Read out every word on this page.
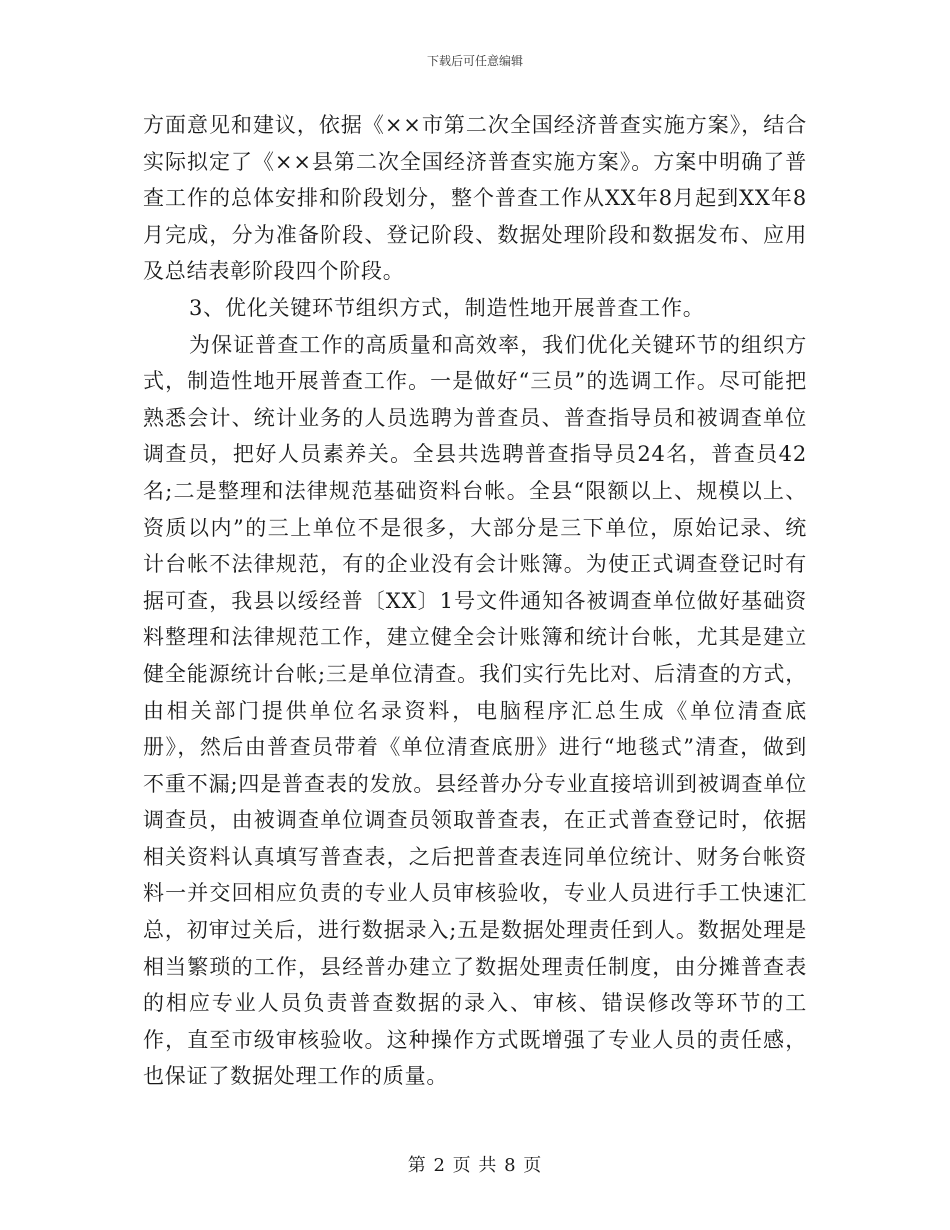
下载后可任意编辑

方面意见和建议，依据《××市第二次全国经济普查实施方案》，结合实际拟定了《××县第二次全国经济普查实施方案》。方案中明确了普查工作的总体安排和阶段划分，整个普查工作从XX年8月起到XX年8月完成，分为准备阶段、登记阶段、数据处理阶段和数据发布、应用及总结表彰阶段四个阶段。

3、优化关键环节组织方式，制造性地开展普查工作。

为保证普查工作的高质量和高效率，我们优化关键环节的组织方式，制造性地开展普查工作。一是做好“三员”的选调工作。尽可能把熟悉会计、统计业务的人员选聘为普查员、普查指导员和被调查单位调查员，把好人员素养关。全县共选聘普查指导员24名，普查员42名;二是整理和法律规范基础资料台帐。全县“限额以上、规模以上、资质以内”的三上单位不是很多，大部分是三下单位，原始记录、统计台帐不法律规范，有的企业没有会计账簿。为使正式调查登记时有据可查，我县以绥经普〔XX〕1号文件通知各被调查单位做好基础资料整理和法律规范工作，建立健全会计账簿和统计台帐，尤其是建立健全能源统计台帐;三是单位清查。我们实行先比对、后清查的方式，由相关部门提供单位名录资料，电脑程序汇总生成《单位清查底册》，然后由普查员带着《单位清查底册》进行“地毯式”清查，做到不重不漏;四是普查表的发放。县经普办分专业直接培训到被调查单位调查员，由被调查单位调查员领取普查表，在正式普查登记时，依据相关资料认真填写普查表，之后把普查表连同单位统计、财务台帐资料一并交回相应负责的专业人员审核验收，专业人员进行手工快速汇总，初审过关后，进行数据录入;五是数据处理责任到人。数据处理是相当繁琐的工作，县经普办建立了数据处理责任制度，由分摊普查表的相应专业人员负责普查数据的录入、审核、错误修改等环节的工作，直至市级审核验收。这种操作方式既增强了专业人员的责任感，也保证了数据处理工作的质量。

第 2 页 共 8 页
